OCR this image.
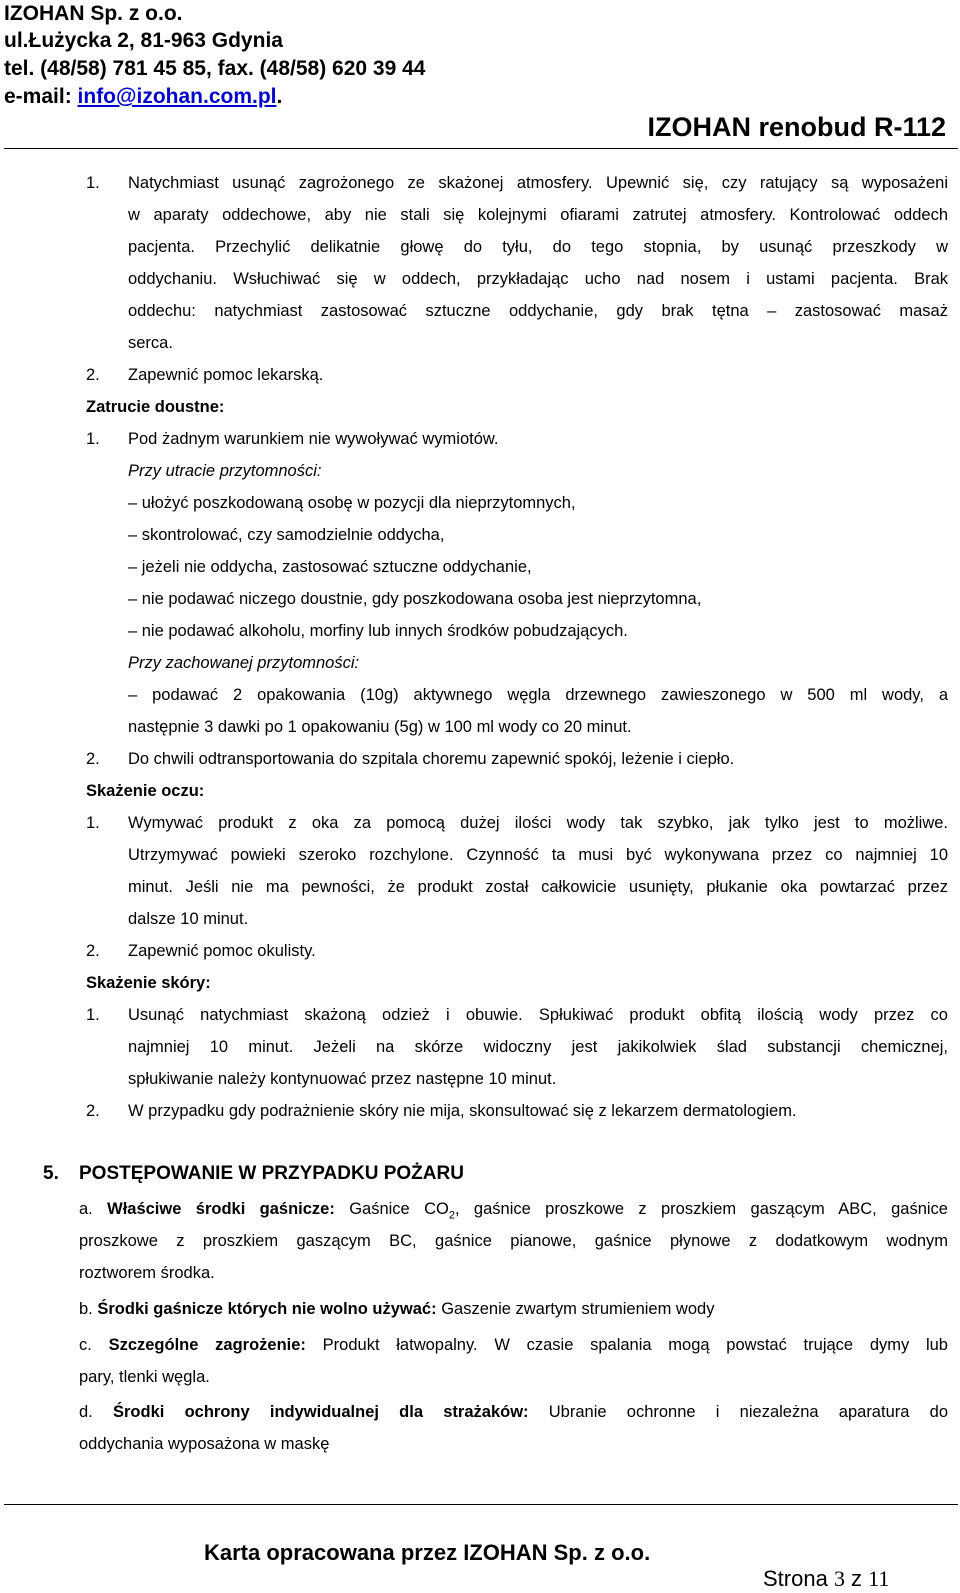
IZOHAN Sp. z o.o.
ul.Łużycka 2, 81-963 Gdynia
tel. (48/58) 781 45 85, fax. (48/58) 620 39 44
e-mail: info@izohan.com.pl.
IZOHAN renobud R-112
1. Natychmiast usunąć zagrożonego ze skażonej atmosfery. Upewnić się, czy ratujący są wyposażeni
w aparaty oddechowe, aby nie stali się kolejnymi ofiarami zatrutej atmosfery. Kontrolować oddech
pacjenta. Przechylić delikatnie głowę do tyłu, do tego stopnia, by usunąć przeszkody w
oddychaniu. Wsłuchiwać się w oddech, przykładając ucho nad nosem i ustami pacjenta. Brak
oddechu: natychmiast zastosować sztuczne oddychanie, gdy brak tętna – zastosować masaż
serca.
2. Zapewnić pomoc lekarską.
Zatrucie doustne:
1. Pod żadnym warunkiem nie wywoływać wymiotów.
Przy utracie przytomności:
– ułożyć poszkodowaną osobę w pozycji dla nieprzytomnych,
– skontrolować, czy samodzielnie oddycha,
– jeżeli nie oddycha, zastosować sztuczne oddychanie,
– nie podawać niczego doustnie, gdy poszkodowana osoba jest nieprzytomna,
– nie podawać alkoholu, morfiny lub innych środków pobudzających.
Przy zachowanej przytomności:
– podawać 2 opakowania (10g) aktywnego węgla drzewnego zawieszonego w 500 ml wody, a
następnie 3 dawki po 1 opakowaniu (5g) w 100 ml wody co 20 minut.
2. Do chwili odtransportowania do szpitala choremu zapewnić spokój, leżenie i ciepło.
Skażenie oczu:
1. Wymywać produkt z oka za pomocą dużej ilości wody tak szybko, jak tylko jest to możliwe.
Utrzymywać powieki szeroko rozchylone. Czynność ta musi być wykonywana przez co najmniej 10
minut. Jeśli nie ma pewności, że produkt został całkowicie usunięty, płukanie oka powtarzać przez
dalsze 10 minut.
2. Zapewnić pomoc okulisty.
Skażenie skóry:
1. Usunąć natychmiast skażoną odzież i obuwie. Spłukiwać produkt obfitą ilością wody przez co
najmniej 10 minut. Jeżeli na skórze widoczny jest jakikolwiek ślad substancji chemicznej,
spłukiwanie należy kontynuować przez następne 10 minut.
2. W przypadku gdy podrażnienie skóry nie mija, skonsultować się z lekarzem dermatologiem.
5. POSTĘPOWANIE W PRZYPADKU POŻARU
a. Właściwe środki gaśnicze: Gaśnice $CO_2$, gaśnice proszkowe z proszkiem gaszącym ABC, gaśnice
proszkowe z proszkiem gaszącym BC, gaśnice pianowe, gaśnice płynowe z dodatkowym wodnym
roztworem środka.
b. Środki gaśnicze których nie wolno używać: Gaszenie zwartym strumieniem wody
c. Szczególne zagrożenie: Produkt łatwopalny. W czasie spalania mogą powstać trujące dymy lub
pary, tlenki węgla.
d. Środki ochrony indywidualnej dla strażaków: Ubranie ochronne i niezależna aparatura do
oddychania wyposażona w maskę
Karta opracowana przez IZOHAN Sp. z o.o.
Strona 3 z 11
